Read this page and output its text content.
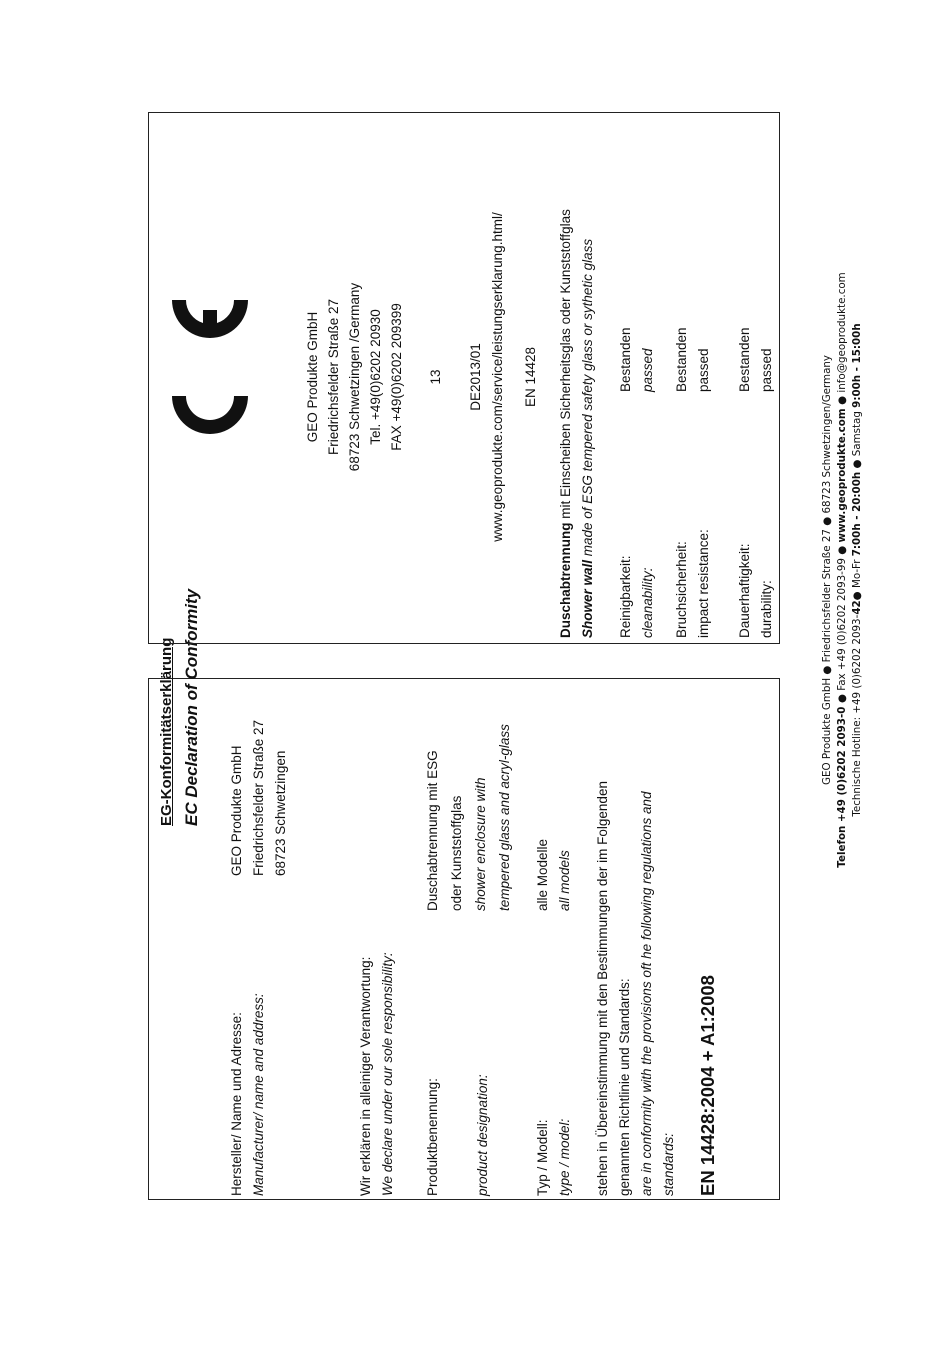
EG-Konformitätserklärung EC Declaration of Conformity
Hersteller/ Name und Adresse: Manufacturer/ name and address:
GEO Produkte GmbH Friedrichsfelder Straße 27 68723 Schwetzingen
Wir erklären in alleiniger Verantwortung: We declare under our sole responsibility: Produktbenennung:	product designation:
Duschabtrennung mit ESG oder Kunststoffglas shower enclosure with tempered glass and acryl-glass
Typ / Modell: type / model:
alle Modelle all models stehen in Übereinstimmung mit den Bestimmungen der im Folgenden genannten Richtlinie und Standards: are in conformity with the provisions oft he following regulations and standards: EN 14428:2004 + A1:2008
GEO Produkte GmbH Friedrichsfelder Straße 27 68723 Schwetzingen /Germany Tel. +49(0)6202 20930 FAX +49(0)6202 209399 13 DE2013/01 www.geoprodukte.com/service/leistungserklarung.html/ EN 14428
Duschabtrennung mit Einscheiben Sicherheitsglas oder Kunststoffglas
Shower wall made of ESG tempered safety glass or sythetic glass
Reinigbarkeit: cleanability:
Bestanden passed
Bruchsicherheit: impact resistance:
Bestanden passed
Dauerhaftigkeit: durability:
Bestanden passed	GEO Produkte GmbH ● Friedrichsfelder Straße 27 ● 68723 Schwetzingen/Germany Telefon +49 (0)6202 2093-0 ● Fax +49 (0)6202 2093-99 ● www.geoprodukte.com ● info@geoprodukte.com
Technische Hotline: +49 (0)6202 2093-42● Mo-Fr 7:00h - 20:00h ● Samstag 9:00h - 15:00h
